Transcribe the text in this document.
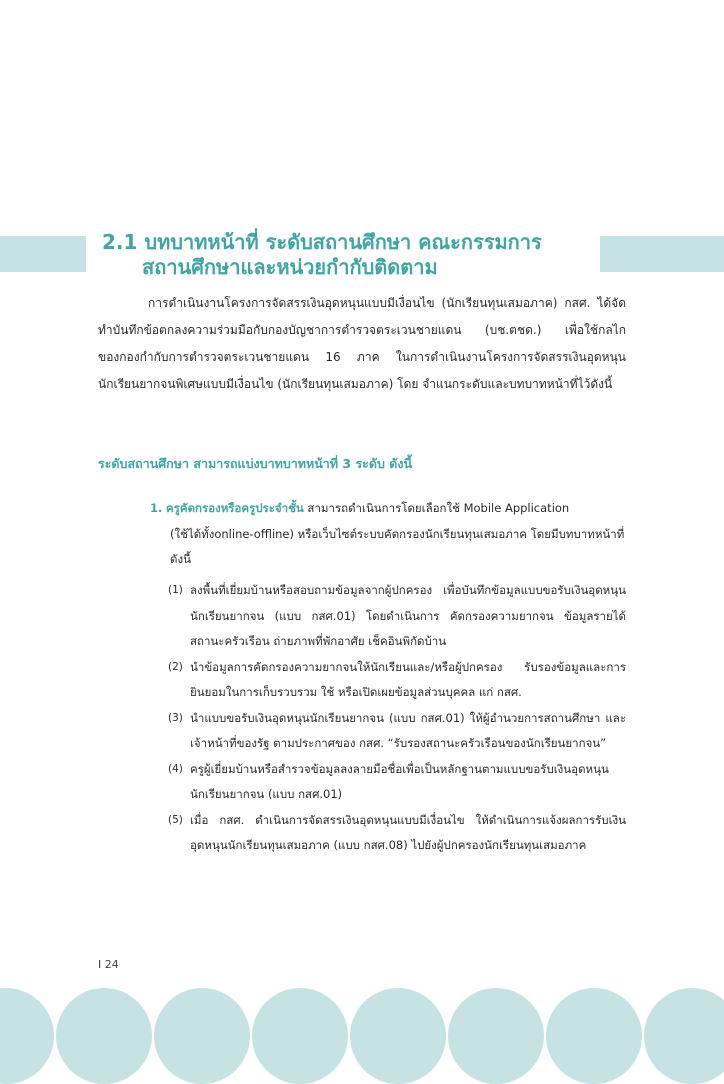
2.1 บทบาทหน้าที่ ระดับสถานศึกษา คณะกรรมการ
สถานศึกษาและหน่วยกำกับติดตาม
การดำเนินงานโครงการจัดสรรเงินอุดหนุนแบบมีเงื่อนไข (นักเรียนทุนเสมอภาค) กสศ. ได้จัดทำบันทึกข้อตกลงความร่วมมือกับกองบัญชาการตำรวจตระเวนชายแดน (บช.ตชด.) เพื่อใช้กลไกของกองกำกับการตำรวจตระเวนชายแดน 16 ภาค ในการดำเนินงานโครงการจัดสรรเงินอุดหนุนนักเรียนยากจนพิเศษแบบมีเงื่อนไข (นักเรียนทุนเสมอภาค) โดย จำแนกระดับและบทบาทหน้าที่ไว้ดังนี้
ระดับสถานศึกษา สามารถแบ่งบาทบาทหน้าที่ 3 ระดับ ดังนี้
1. ครูคัดกรองหรือครูประจำชั้น สามารถดำเนินการโดยเลือกใช้ Mobile Application
(ใช้ได้ทั้งonline-offline) หรือเว็บไซต์ระบบคัดกรองนักเรียนทุนเสมอภาค โดยมีบทบาทหน้าที่ ดังนี้
(1) ลงพื้นที่เยี่ยมบ้านหรือสอบถามข้อมูลจากผู้ปกครอง เพื่อบันทึกข้อมูลแบบขอรับเงินอุดหนุนนักเรียนยากจน (แบบ กสศ.01) โดยดำเนินการ คัดกรองความยากจน ข้อมูลรายได้ สถานะครัวเรือน ถ่ายภาพที่พักอาศัย เช็คอินพิกัดบ้าน
(2) นำข้อมูลการคัดกรองความยากจนให้นักเรียนและ/หรือผู้ปกครอง รับรองข้อมูลและการยินยอมในการเก็บรวบรวม ใช้ หรือเปิดเผยข้อมูลส่วนบุคคล แก่ กสศ.
(3) นำแบบขอรับเงินอุดหนุนนักเรียนยากจน (แบบ กสศ.01) ให้ผู้อำนวยการสถานศึกษา และเจ้าหน้าที่ของรัฐ ตามประกาศของ กสศ. “รับรองสถานะครัวเรือนของนักเรียนยากจน”
(4) ครูผู้เยี่ยมบ้านหรือสำรวจข้อมูลลงลายมือชื่อเพื่อเป็นหลักฐานตามแบบขอรับเงินอุดหนุนนักเรียนยากจน (แบบ กสศ.01)
(5) เมื่อ กสศ. ดำเนินการจัดสรรเงินอุดหนุนแบบมีเงื่อนไข ให้ดำเนินการแจ้งผลการรับเงินอุดหนุนนักเรียนทุนเสมอภาค (แบบ กสศ.08) ไปยังผู้ปกครองนักเรียนทุนเสมอภาค
I 24
